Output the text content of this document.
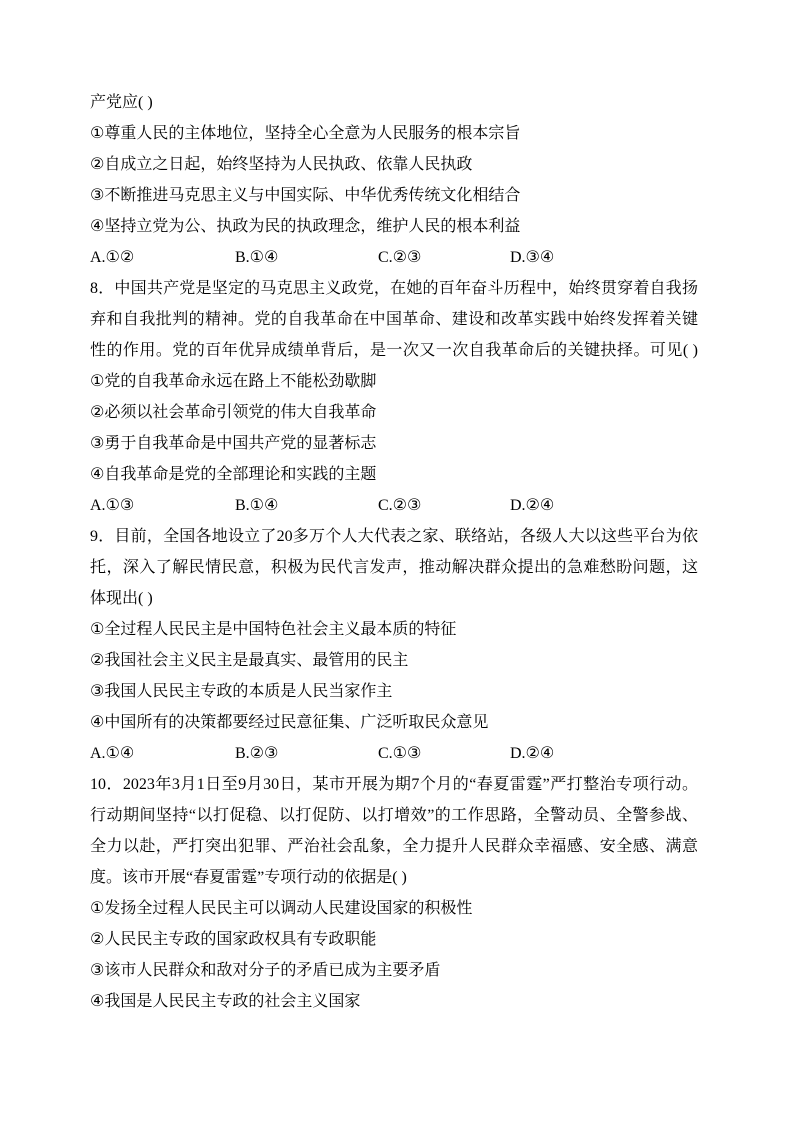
产党应( )
①尊重人民的主体地位，坚持全心全意为人民服务的根本宗旨
②自成立之日起，始终坚持为人民执政、依靠人民执政
③不断推进马克思主义与中国实际、中华优秀传统文化相结合
④坚持立党为公、执政为民的执政理念，维护人民的根本利益
A.①②	B.①④	C.②③	D.③④
8．中国共产党是坚定的马克思主义政党，在她的百年奋斗历程中，始终贯穿着自我扬
弃和自我批判的精神。党的自我革命在中国革命、建设和改革实践中始终发挥着关键
性的作用。党的百年优异成绩单背后，是一次又一次自我革命后的关键抉择。可见( )
①党的自我革命永远在路上不能松劲歇脚
②必须以社会革命引领党的伟大自我革命
③勇于自我革命是中国共产党的显著标志
④自我革命是党的全部理论和实践的主题
A.①③	B.①④	C.②③	D.②④
9．目前，全国各地设立了20多万个人大代表之家、联络站，各级人大以这些平台为依
托，深入了解民情民意，积极为民代言发声，推动解决群众提出的急难愁盼问题，这
体现出( )
①全过程人民民主是中国特色社会主义最本质的特征
②我国社会主义民主是最真实、最管用的民主
③我国人民民主专政的本质是人民当家作主
④中国所有的决策都要经过民意征集、广泛听取民众意见
A.①④	B.②③	C.①③	D.②④
10．2023年3月1日至9月30日，某市开展为期7个月的“春夏雷霆”严打整治专项行动。
行动期间坚持“以打促稳、以打促防、以打增效”的工作思路，全警动员、全警参战、
全力以赴，严打突出犯罪、严治社会乱象，全力提升人民群众幸福感、安全感、满意
度。该市开展“春夏雷霆”专项行动的依据是( )
①发扬全过程人民民主可以调动人民建设国家的积极性
②人民民主专政的国家政权具有专政职能
③该市人民群众和敌对分子的矛盾已成为主要矛盾
④我国是人民民主专政的社会主义国家
